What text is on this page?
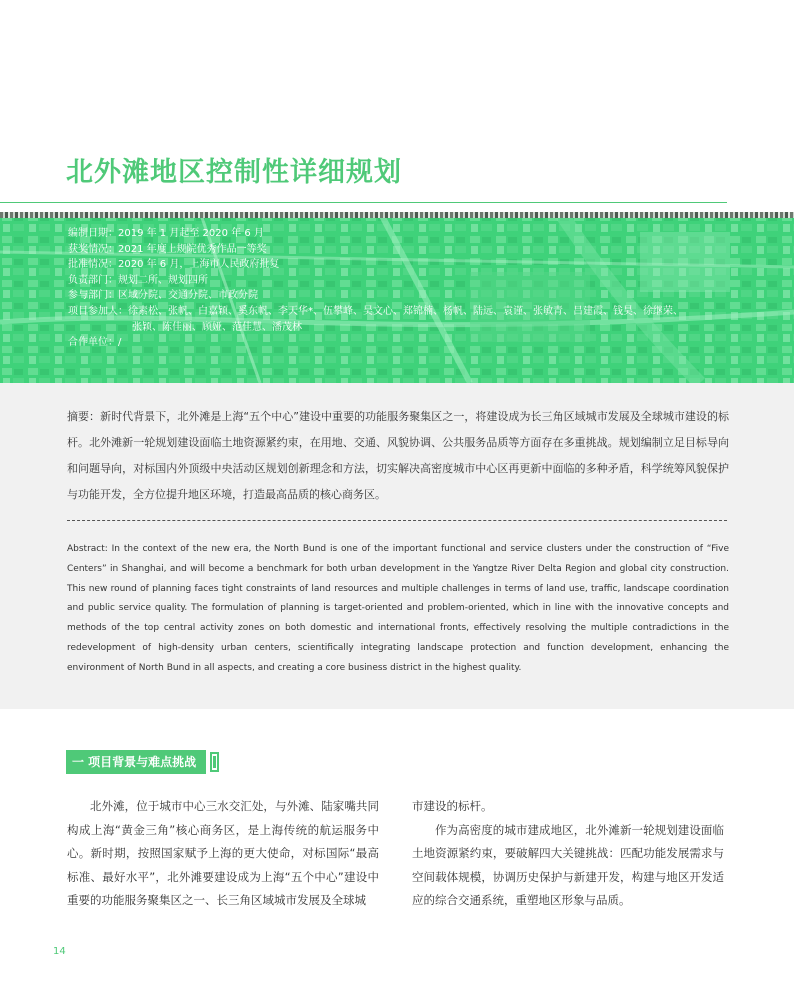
北外滩地区控制性详细规划
编制日期：2019 年 1 月起至 2020 年 6 月
获奖情况：2021 年度上规院优秀作品一等奖
批准情况：2020 年 6 月，上海市人民政府批复
负责部门：规划二所、规划四所
参与部门：区域分院、交通分院、市政分院
项目参加人：徐素松、张帆、白嘉颖、奚东帆、李天华*、伍攀峰、吴文心、郑锦楠、杨帆、陆远、袁谨、张敏青、吕建霞、钱昊、徐继荣、
张颖、陈佳丽、顾娅、范佳慧、潘茂林
合作单位：/

摘要：新时代背景下，北外滩是上海“五个中心”建设中重要的功能服务聚集区之一，将建设成为长三角区域城市发展及全球城市建设的标杆。北外滩新一轮规划建设面临土地资源紧约束，在用地、交通、风貌协调、公共服务品质等方面存在多重挑战。规划编制立足目标导向和问题导向，对标国内外顶级中央活动区规划创新理念和方法，切实解决高密度城市中心区再更新中面临的多种矛盾，科学统筹风貌保护与功能开发，全方位提升地区环境，打造最高品质的核心商务区。

Abstract: In the context of the new era, the North Bund is one of the important functional and service clusters under the construction of “Five Centers” in Shanghai, and will become a benchmark for both urban development in the Yangtze River Delta Region and global city construction. This new round of planning faces tight constraints of land resources and multiple challenges in terms of land use, traffic, landscape coordination and public service quality. The formulation of planning is target-oriented and problem-oriented, which in line with the innovative concepts and methods of the top central activity zones on both domestic and international fronts, effectively resolving the multiple contradictions in the redevelopment of high-density urban centers, scientifically integrating landscape protection and function development, enhancing the environment of North Bund in all aspects, and creating a core business district in the highest quality.

一 项目背景与难点挑战

北外滩，位于城市中心三水交汇处，与外滩、陆家嘴共同构成上海“黄金三角”核心商务区，是上海传统的航运服务中心。新时期，按照国家赋予上海的更大使命，对标国际“最高标准、最好水平”，北外滩要建设成为上海“五个中心”建设中重要的功能服务聚集区之一、长三角区域城市发展及全球城

市建设的标杆。
作为高密度的城市建成地区，北外滩新一轮规划建设面临土地资源紧约束，要破解四大关键挑战：匹配功能发展需求与空间载体规模，协调历史保护与新建开发，构建与地区开发适应的综合交通系统，重塑地区形象与品质。
14
